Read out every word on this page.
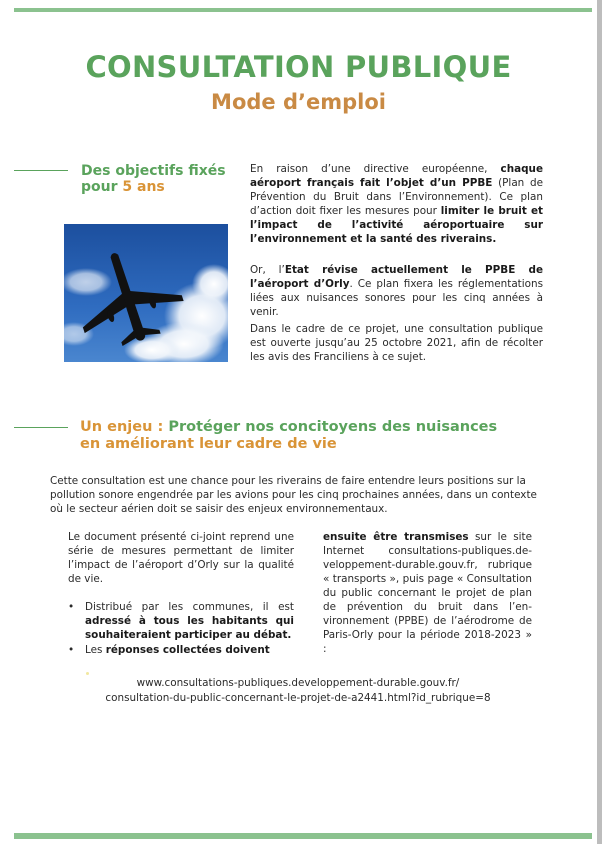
CONSULTATION PUBLIQUE
Mode d’emploi
Des objectifs fixés
pour 5 ans
En raison d’une directive européenne, chaque aéroport français fait l’objet d’un PPBE (Plan de Prévention du Bruit dans l’Environnement). Ce plan d’action doit fixer les mesures pour limiter le bruit et l’impact de l’activité aéroportuaire sur l’environnement et la santé des riverains.
Or, l’Etat révise actuellement le PPBE de l’aéroport d’Orly. Ce plan fixera les réglementations liées aux nuisances sonores pour les cinq années à venir.
Dans le cadre de ce projet, une consultation publique est ouverte jusqu’au 25 octobre 2021, afin de récolter les avis des Franciliens à ce sujet.
Un enjeu : Protéger nos concitoyens des nuisances
en améliorant leur cadre de vie
Cette consultation est une chance pour les riverains de faire entendre leurs positions sur la pollution sonore engendrée par les avions pour les cinq prochaines années, dans un contexte où le secteur aérien doit se saisir des enjeux environnementaux.
Le document présenté ci-joint reprend une série de mesures permettant de limiter l’impact de l’aéroport d’Orly sur la qualité de vie.
• Distribué par les communes, il est adressé à tous les habitants qui souhaiteraient participer au débat.
• Les réponses collectées doivent
ensuite être transmises sur le site Internet consultations-publiques.developpement-durable.gouv.fr, rubrique « transports », puis page « Consultation du public concernant le projet de plan de prévention du bruit dans l’environnement (PPBE) de l’aérodrome de Paris-Orly pour la période 2018-2023 » :
www.consultations-publiques.developpement-durable.gouv.fr/
consultation-du-public-concernant-le-projet-de-a2441.html?id_rubrique=8
